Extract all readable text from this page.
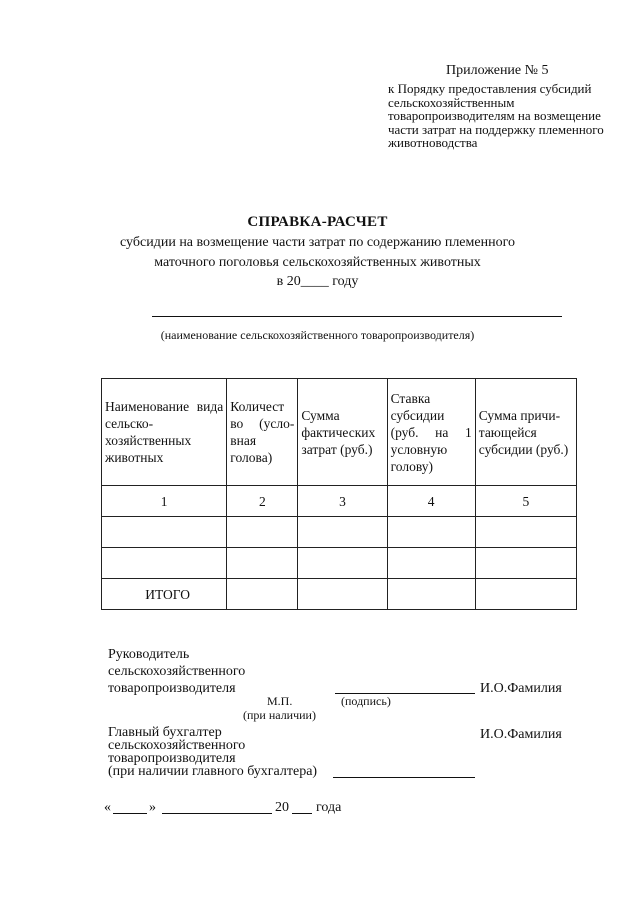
Приложение № 5
к Порядку предоставления субсидий сельскохозяйственным товаропроизводителям на возмещение части затрат на поддержку племенного животноводства
СПРАВКА-РАСЧЕТ
субсидии на возмещение части затрат по содержанию племенного
маточного поголовья сельскохозяйственных животных
в 20____ году
(наименование сельскохозяйственного товаропроизводителя)
Наименование вида сельско-хозяйственных животных	Количест во (усло-вная голова)	Сумма фактических затрат (руб.)	Ставка субсидии (руб. на 1 условную голову)	Сумма причи-тающейся субсидии (руб.)
1	2	3	4	5

ИТОГО				
Руководитель
сельскохозяйственного
товаропроизводителя	И.О.Фамилия
М.П.	(подпись)
(при наличии)
Главный бухгалтер
сельскохозяйственного
товаропроизводителя
(при наличии главного бухгалтера)
И.О.Фамилия
«	»	20 года
